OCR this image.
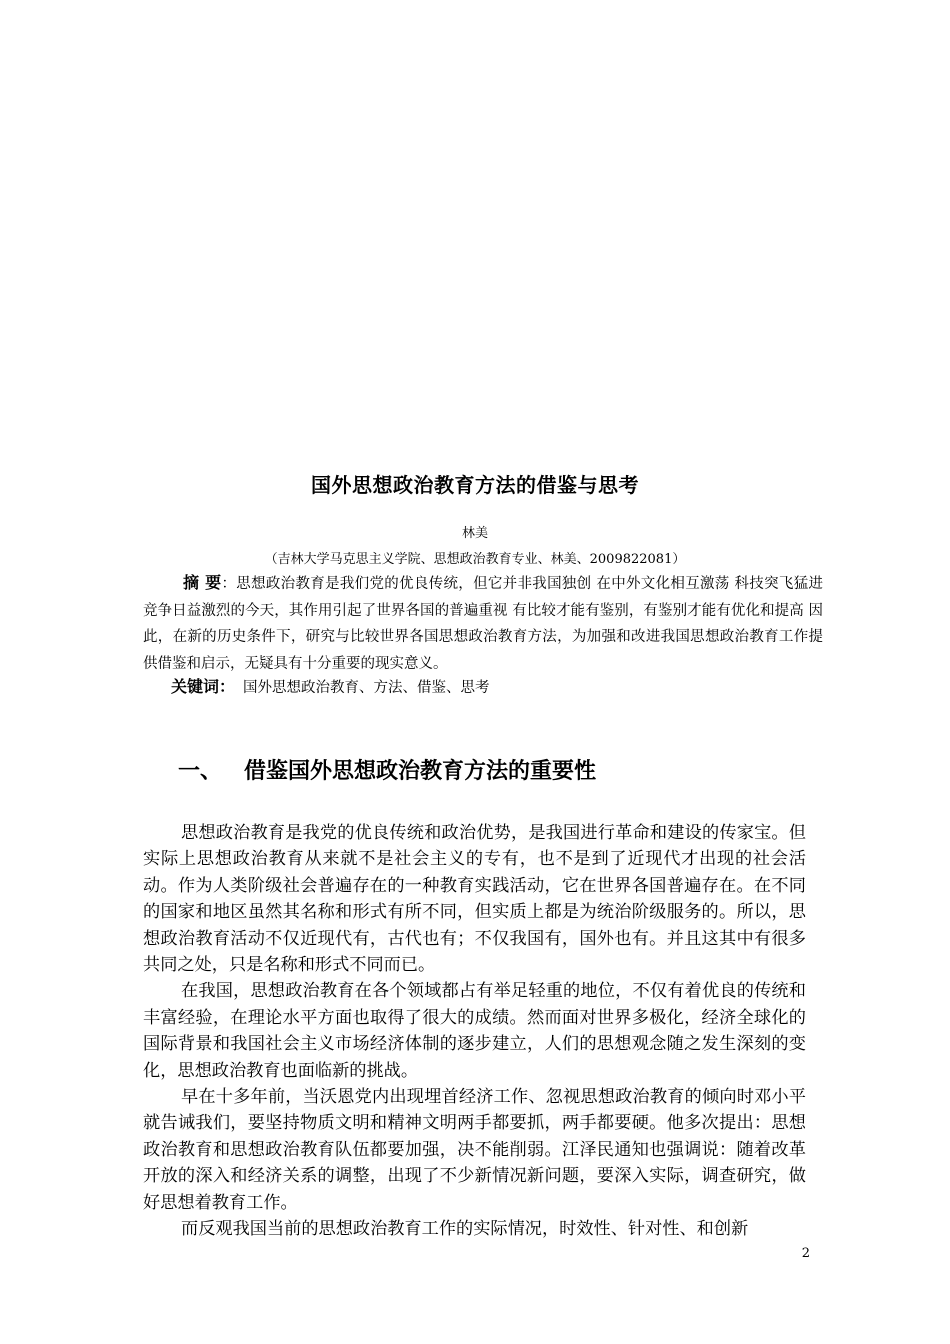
国外思想政治教育方法的借鉴与思考
林美
（吉林大学马克思主义学院、思想政治教育专业、林美、2009822081）
摘 要：思想政治教育是我们党的优良传统，但它并非我国独创 在中外文化相互激荡 科技突飞猛进 竞争日益激烈的今天，其作用引起了世界各国的普遍重视 有比较才能有鉴别，有鉴别才能有优化和提高 因此，在新的历史条件下，研究与比较世界各国思想政治教育方法，为加强和改进我国思想政治教育工作提供借鉴和启示，无疑具有十分重要的现实意义。
关键词： 国外思想政治教育、方法、借鉴、思考
一、 借鉴国外思想政治教育方法的重要性

思想政治教育是我党的优良传统和政治优势，是我国进行革命和建设的传家宝。但实际上思想政治教育从来就不是社会主义的专有，也不是到了近现代才出现的社会活动。作为人类阶级社会普遍存在的一种教育实践活动，它在世界各国普遍存在。在不同的国家和地区虽然其名称和形式有所不同，但实质上都是为统治阶级服务的。所以，思想政治教育活动不仅近现代有，古代也有；不仅我国有，国外也有。并且这其中有很多共同之处，只是名称和形式不同而已。

在我国，思想政治教育在各个领域都占有举足轻重的地位，不仅有着优良的传统和丰富经验，在理论水平方面也取得了很大的成绩。然而面对世界多极化，经济全球化的国际背景和我国社会主义市场经济体制的逐步建立，人们的思想观念随之发生深刻的变化，思想政治教育也面临新的挑战。

早在十多年前，当沃恩党内出现埋首经济工作、忽视思想政治教育的倾向时邓小平就告诫我们，要坚持物质文明和精神文明两手都要抓，两手都要硬。他多次提出：思想政治教育和思想政治教育队伍都要加强，决不能削弱。江泽民通知也强调说：随着改革开放的深入和经济关系的调整，出现了不少新情况新问题，要深入实际，调查研究，做好思想着教育工作。

而反观我国当前的思想政治教育工作的实际情况，时效性、针对性、和创新

2
